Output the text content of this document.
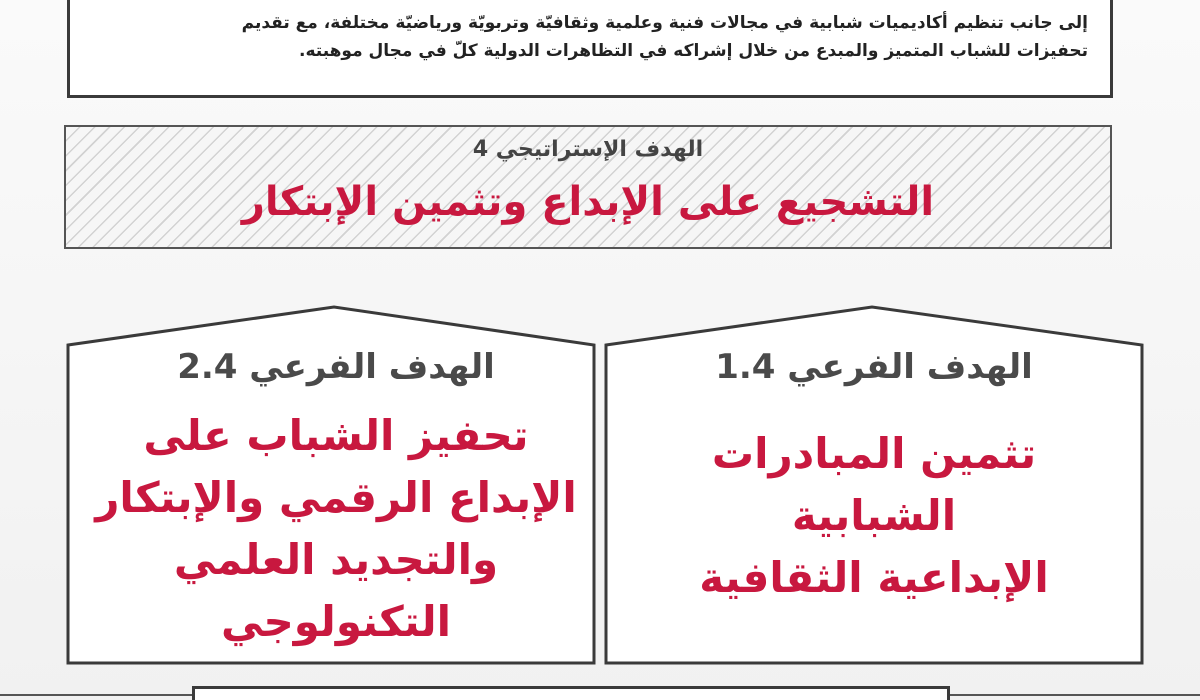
إلى جانب تنظيم أكاديميات شبابية في مجالات فنية وعلمية وثقافيّة وتربويّة ورياضيّة مختلفة، مع تقديم

تحفيزات للشباب المتميز والمبدع من خلال إشراكه في التظاهرات الدولية كلّ في مجال موهبته.

الهدف الإستراتيجي 4
التشجيع على الإبداع وتثمين الإبتكار

الهدف الفرعي 1.4

تثمين المبادرات الشبابية
الإبداعية الثقافية

الهدف الفرعي 2.4

تحفيز الشباب على
الإبداع الرقمي والإبتكار
والتجديد العلمي
التكنولوجي
